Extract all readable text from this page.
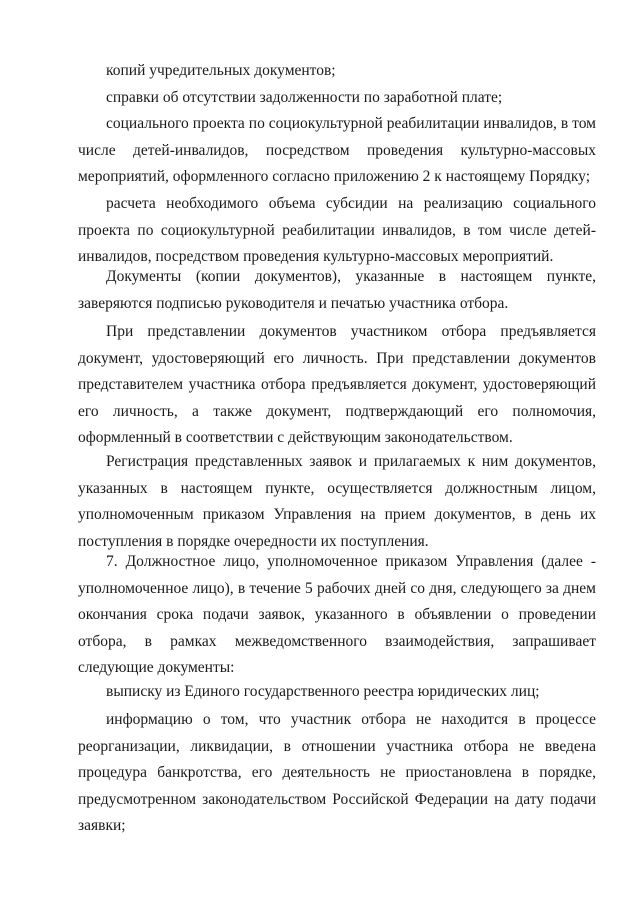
копий учредительных документов;

справки об отсутствии задолженности по заработной плате;

социального проекта по социокультурной реабилитации инвалидов, в том числе детей-инвалидов, посредством проведения культурно-массовых мероприятий, оформленного согласно приложению 2 к настоящему Порядку;

расчета необходимого объема субсидии на реализацию социального проекта по социокультурной реабилитации инвалидов, в том числе детей-инвалидов, посредством проведения культурно-массовых мероприятий.

Документы (копии документов), указанные в настоящем пункте, заверяются подписью руководителя и печатью участника отбора.

При представлении документов участником отбора предъявляется документ, удостоверяющий его личность. При представлении документов представителем участника отбора предъявляется документ, удостоверяющий его личность, а также документ, подтверждающий его полномочия, оформленный в соответствии с действующим законодательством.

Регистрация представленных заявок и прилагаемых к ним документов, указанных в настоящем пункте, осуществляется должностным лицом, уполномоченным приказом Управления на прием документов, в день их поступления в порядке очередности их поступления.

7. Должностное лицо, уполномоченное приказом Управления (далее - уполномоченное лицо), в течение 5 рабочих дней со дня, следующего за днем окончания срока подачи заявок, указанного в объявлении о проведении отбора, в рамках межведомственного взаимодействия, запрашивает следующие документы:

выписку из Единого государственного реестра юридических лиц;

информацию о том, что участник отбора не находится в процессе реорганизации, ликвидации, в отношении участника отбора не введена процедура банкротства, его деятельность не приостановлена в порядке, предусмотренном законодательством Российской Федерации на дату подачи заявки;
